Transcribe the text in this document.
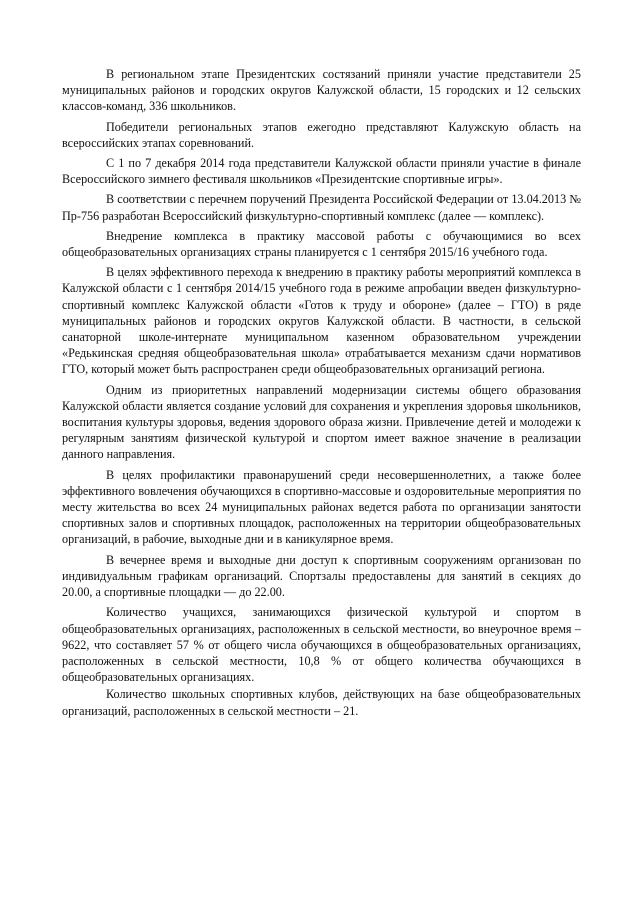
В региональном этапе Президентских состязаний приняли участие представители 25 муниципальных районов и городских округов Калужской области, 15 городских и 12 сельских классов-команд, 336 школьников.

Победители региональных этапов ежегодно представляют Калужскую область на всероссийских этапах соревнований.

С 1 по 7 декабря 2014 года представители Калужской области приняли участие в финале Всероссийского зимнего фестиваля школьников «Президентские спортивные игры».

В соответствии с перечнем поручений Президента Российской Федерации от 13.04.2013 № Пр-756 разработан Всероссийский физкультурно-спортивный комплекс (далее — комплекс).

Внедрение комплекса в практику массовой работы с обучающимися во всех общеобразовательных организациях страны планируется с 1 сентября 2015/16 учебного года.

В целях эффективного перехода к внедрению в практику работы мероприятий комплекса в Калужской области с 1 сентября 2014/15 учебного года в режиме апробации введен физкультурно-спортивный комплекс Калужской области «Готов к труду и обороне» (далее – ГТО) в ряде муниципальных районов и городских округов Калужской области. В частности, в сельской санаторной школе-интернате муниципальном казенном образовательном учреждении «Редькинская средняя общеобразовательная школа» отрабатывается механизм сдачи нормативов ГТО, который может быть распространен среди общеобразовательных организаций региона.

Одним из приоритетных направлений модернизации системы общего образования Калужской области является создание условий для сохранения и укрепления здоровья школьников, воспитания культуры здоровья, ведения здорового образа жизни. Привлечение детей и молодежи к регулярным занятиям физической культурой и спортом имеет важное значение в реализации данного направления.

В целях профилактики правонарушений среди несовершеннолетних, а также более эффективного вовлечения обучающихся в спортивно-массовые и оздоровительные мероприятия по месту жительства во всех 24 муниципальных районах ведется работа по организации занятости спортивных залов и спортивных площадок, расположенных на территории общеобразовательных организаций, в рабочие, выходные дни и в каникулярное время.

В вечернее время и выходные дни доступ к спортивным сооружениям организован по индивидуальным графикам организаций. Спортзалы предоставлены для занятий в секциях до 20.00, а спортивные площадки — до 22.00.

Количество учащихся, занимающихся физической культурой и спортом в общеобразовательных организациях, расположенных в сельской местности, во внеурочное время – 9622, что составляет 57 % от общего числа обучающихся в общеобразовательных организациях, расположенных в сельской местности, 10,8 % от общего количества обучающихся в общеобразовательных организациях.

Количество школьных спортивных клубов, действующих на базе общеобразовательных организаций, расположенных в сельской местности – 21.
